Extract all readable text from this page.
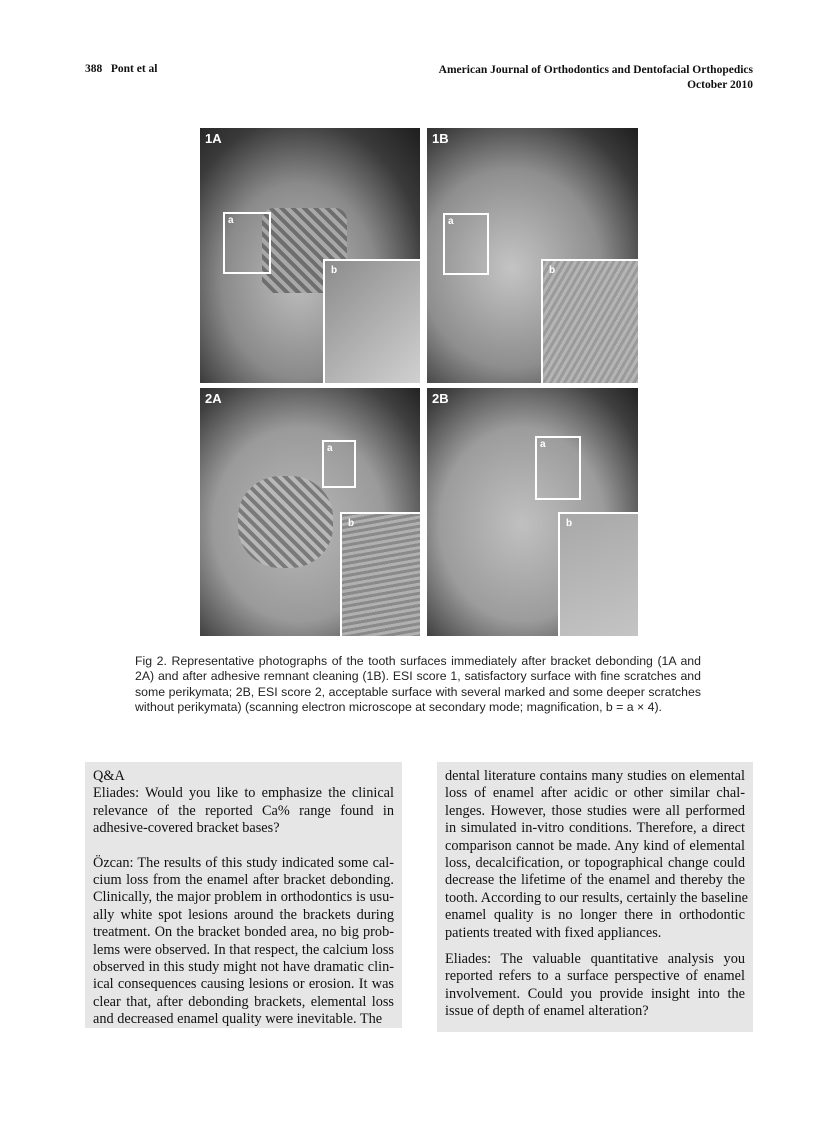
388   Pont et al	American Journal of Orthodontics and Dentofacial Orthopedics
October 2010
1A
a
b
1B
a
b
2A
a
b
2B
a
b
Fig 2. Representative photographs of the tooth surfaces immediately after bracket debonding (1A and 2A) and after adhesive remnant cleaning (1B). ESI score 1, satisfactory surface with fine scratches and some perikymata; 2B, ESI score 2, acceptable surface with several marked and some deeper scratches without perikymata) (scanning electron microscope at secondary mode; magnification, b = a × 4).
Q&A
Eliades: Would you like to emphasize the clinical
relevance of the reported Ca% range found in
adhesive-covered bracket bases?
Özcan: The results of this study indicated some cal-
cium loss from the enamel after bracket debonding.
Clinically, the major problem in orthodontics is usu-
ally white spot lesions around the brackets during
treatment. On the bracket bonded area, no big prob-
lems were observed. In that respect, the calcium loss
observed in this study might not have dramatic clin-
ical consequences causing lesions or erosion. It was
clear that, after debonding brackets, elemental loss
and decreased enamel quality were inevitable. The
dental literature contains many studies on elemental
loss of enamel after acidic or other similar chal-
lenges. However, those studies were all performed
in simulated in-vitro conditions. Therefore, a direct
comparison cannot be made. Any kind of elemental
loss, decalcification, or topographical change could
decrease the lifetime of the enamel and thereby the
tooth. According to our results, certainly the baseline
enamel quality is no longer there in orthodontic
patients treated with fixed appliances.
Eliades: The valuable quantitative analysis you
reported refers to a surface perspective of enamel
involvement. Could you provide insight into the
issue of depth of enamel alteration?
